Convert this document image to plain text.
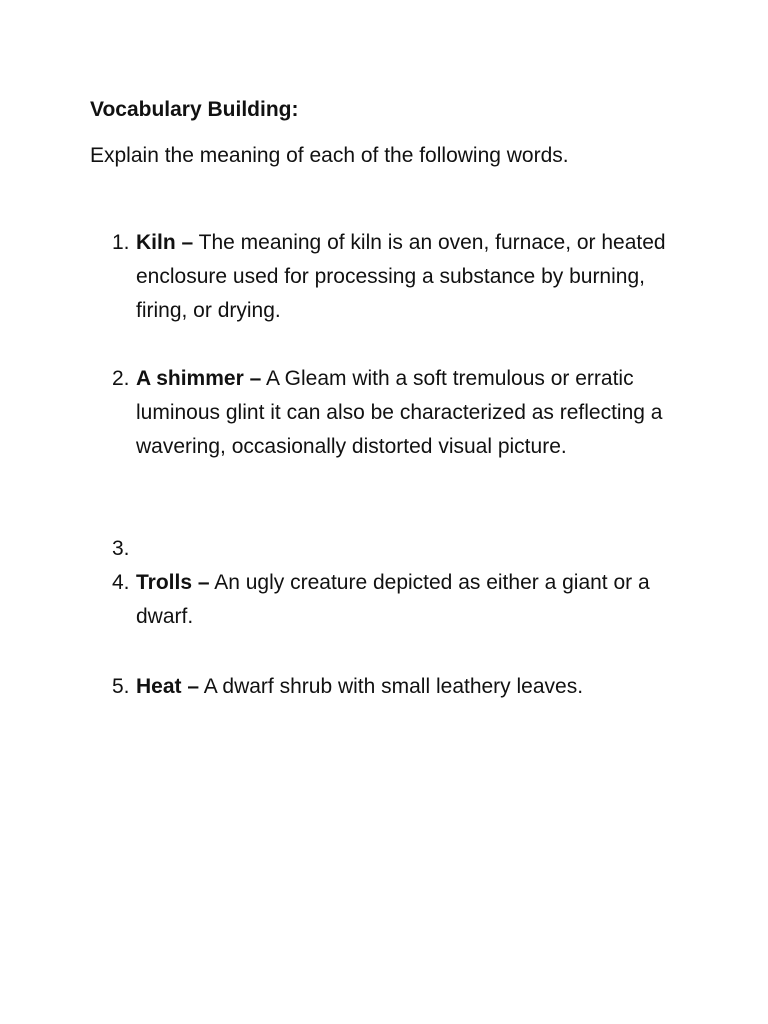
Vocabulary Building:
Explain the meaning of each of the following words.
1. Kiln – The meaning of kiln is an oven, furnace, or heated enclosure used for processing a substance by burning, firing, or drying.
2. A shimmer – A Gleam with a soft tremulous or erratic luminous glint it can also be characterized as reflecting a wavering, occasionally distorted visual picture.
3.
4. Trolls – An ugly creature depicted as either a giant or a dwarf.
5. Heat – A dwarf shrub with small leathery leaves.
